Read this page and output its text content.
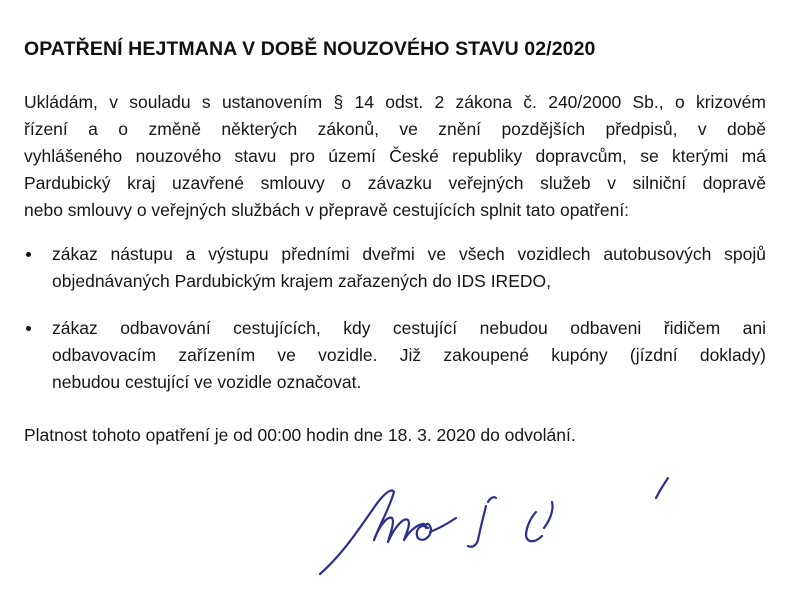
OPATŘENÍ HEJTMANA V DOBĚ NOUZOVÉHO STAVU 02/2020
Ukládám, v souladu s ustanovením § 14 odst. 2 zákona č. 240/2000 Sb., o krizovém
řízení a o změně některých zákonů, ve znění pozdějších předpisů, v době
vyhlášeného nouzového stavu pro území České republiky dopravcům, se kterými má
Pardubický kraj uzavřené smlouvy o závazku veřejných služeb v silniční dopravě
nebo smlouvy o veřejných službách v přepravě cestujících splnit tato opatření:
zákaz nástupu a výstupu předními dveřmi ve všech vozidlech autobusových spojů
objednávaných Pardubickým krajem zařazených do IDS IREDO,
zákaz odbavování cestujících, kdy cestující nebudou odbaveni řidičem ani
odbavovacím zařízením ve vozidle. Již zakoupené kupóny (jízdní doklady)
nebudou cestující ve vozidle označovat.
Platnost tohoto opatření je od 00:00 hodin dne 18. 3. 2020 do odvolání.
